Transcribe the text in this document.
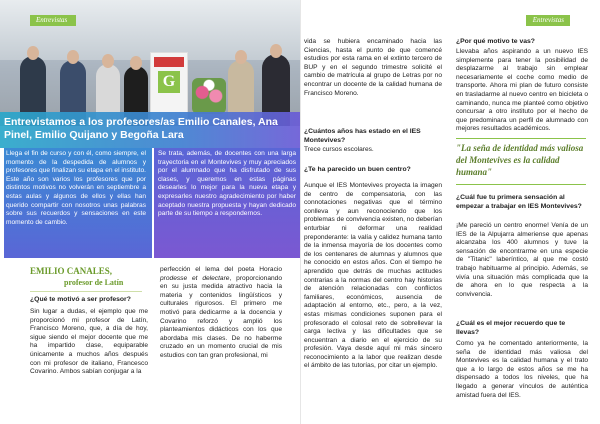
G
Entrevistas
Entrevistamos a los profesores/as Emilio Canales, Ana Pinel, Emilio Quijano y Begoña Lara
Llega el fin de curso y con él, como siempre, el momento de la despedida de alumnos y profesores que finalizan su etapa en el instituto. Este año son varios los profesores que por distintos motivos no volverán en septiembre a estas aulas y algunos de ellos y ellas han querido compartir con nosotros unas palabras sobre sus recuerdos y sensaciones en este momento de cambio.
Se trata, además, de docentes con una larga trayectoria en el Montevives y muy apreciados por el alumnado que ha disfrutado de sus clases, y queremos en estas páginas desearles lo mejor para la nueva etapa y expresarles nuestro agradecimiento por haber aceptado nuestra propuesta y hayan dedicado parte de su tiempo a respondernos.
EMILIO CANALES,
profesor de Latín
¿Qué te motivó a ser profesor?
Sin lugar a dudas, el ejemplo que me proporcionó mi profesor de Latín, Francisco Moreno, que, a día de hoy, sigue siendo el mejor docente que me ha impartido clase, equiparable únicamente a muchos años después con mi profesor de italiano, Francesco Covarino. Ambos sabían conjugar a la
perfección el lema del poeta Horacio prodesse et delectare, proporcionando en su justa medida atractivo hacia la materia y contenidos lingüísticos y culturales rigurosos. El primero me motivó para dedicarme a la docencia y Covarino reforzó y amplió los planteamientos didácticos con los que abordaba mis clases. De no haberme cruzado en un momento crucial de mis estudios con tan gran profesional, mi
Entrevistas
vida se hubiera encaminado hacia las Ciencias, hasta el punto de que comencé estudios por esta rama en el extinto tercero de BUP y en el segundo trimestre solicité el cambio de matrícula al grupo de Letras por no encontrar un docente de la calidad humana de Francisco Moreno.
¿Cuántos años has estado en el IES Montevives?
Trece cursos escolares.
¿Te ha parecido un buen centro?
Aunque el IES Montevives proyecta la imagen de centro de compensatoria, con las connotaciones negativas que el término conlleva y aun reconociendo que los problemas de convivencia existen, no deberían enturbiar ni deformar una realidad preponderante: la valía y calidez humana tanto de la inmensa mayoría de los docentes como de los centenares de alumnas y alumnos que he conocido en estos años. Con el tiempo he aprendido que detrás de muchas actitudes contrarias a la normas del centro hay historias de atención relacionadas con conflictos familiares, económicos, ausencia de adaptación al entorno, etc., pero, a la vez, estas mismas condiciones suponen para el profesorado el colosal reto de sobrellevar la carga lectiva y las dificultades que se encuentran a diario en el ejercicio de su profesión. Vaya desde aquí mi más sincero reconocimiento a la labor que realizan desde el ámbito de las tutorías, por citar un ejemplo.
¿Por qué motivo te vas?
Llevaba años aspirando a un nuevo IES simplemente para tener la posibilidad de desplazarme al trabajo sin emplear necesariamente el coche como medio de transporte. Ahora mi plan de futuro consiste en trasladarme al nuevo centro en bicicleta o caminando, nunca me planteé como objetivo concursar a otro instituto por el hecho de que predominara un perfil de alumnado con mejores resultados académicos.
"La seña de identidad más valiosa del Montevives es la calidad humana"
¿Cuál fue tu primera sensación al empezar a trabajar en IES Montevives?
¡Me pareció un centro enorme! Venía de un IES de la Alpujarra almeriense que apenas alcanzaba los 400 alumnos y tuve la sensación de encontrarme en una especie de "Titanic" laberíntico, al que me costó trabajo habituarme al principio. Además, se vivía una situación más complicada que la de ahora en lo que respecta a la convivencia.
¿Cuál es el mejor recuerdo que te llevas?
Como ya he comentado anteriormente, la seña de identidad más valiosa del Montevives es la calidad humana y el trato que a lo largo de estos años se me ha dispensado a todos los niveles, que ha llegado a generar vínculos de auténtica amistad fuera del IES.
